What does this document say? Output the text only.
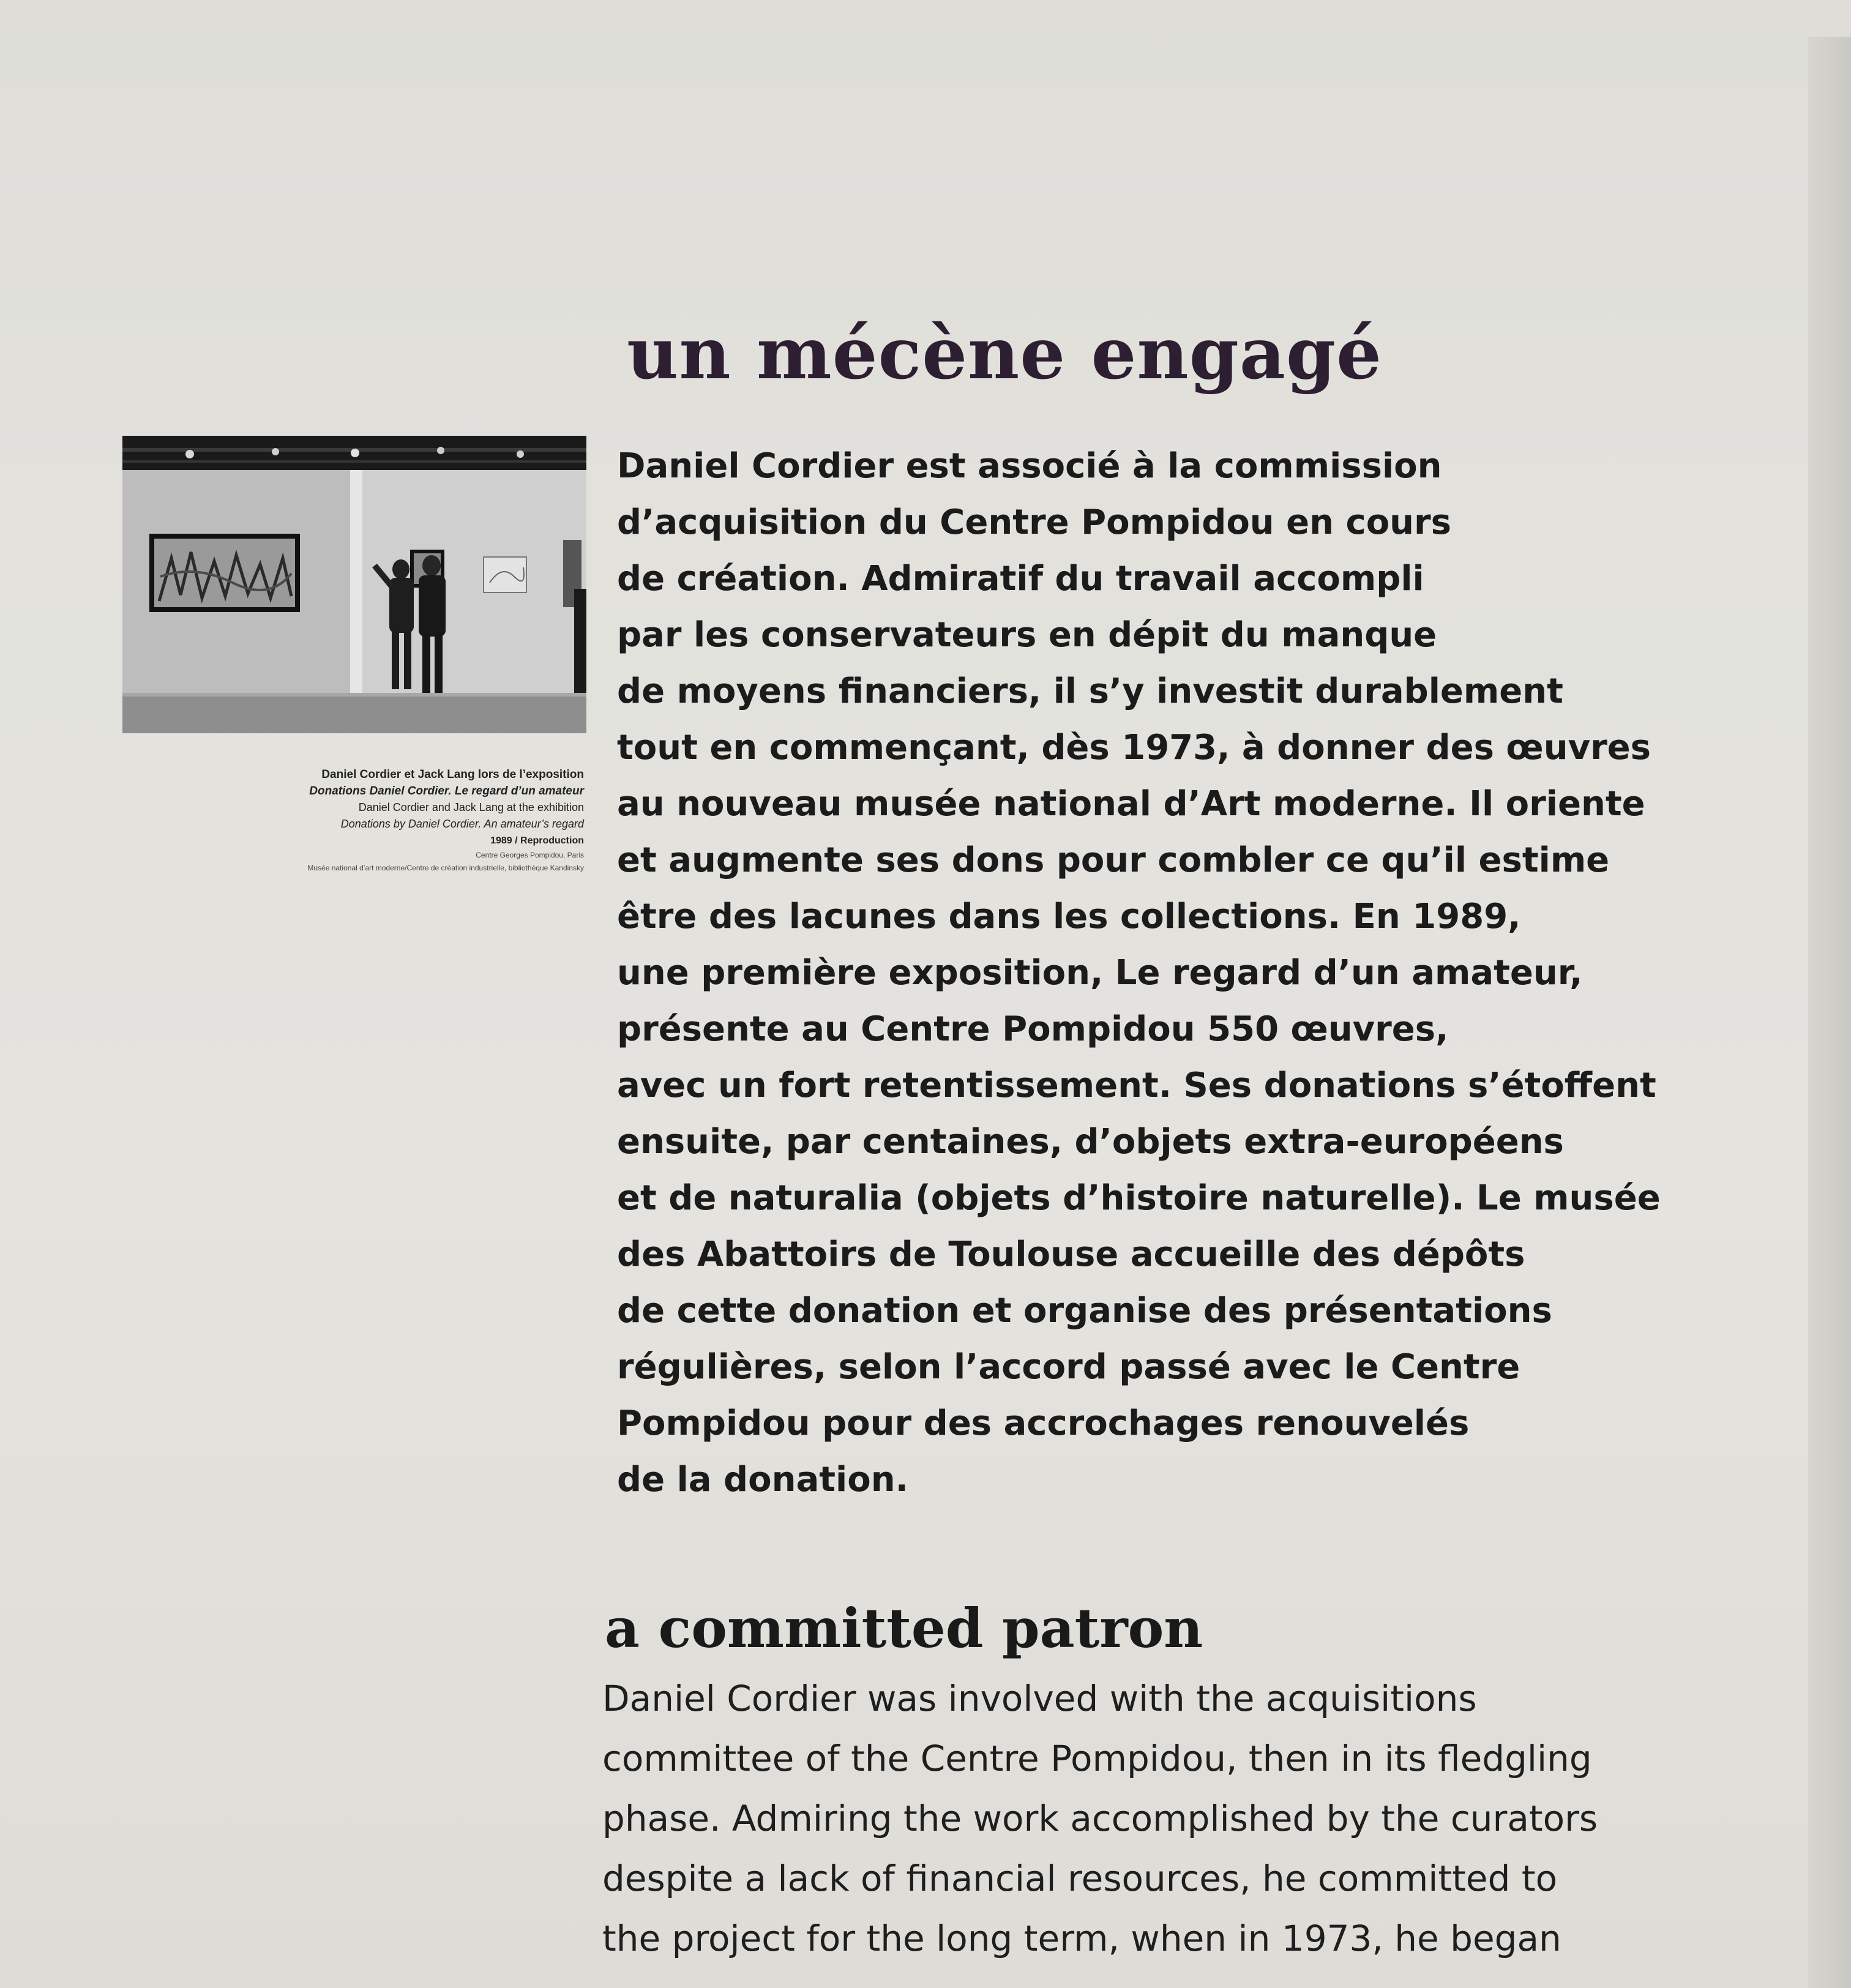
Daniel Cordier et Jack Lang lors de l’exposition
Donations Daniel Cordier. Le regard d’un amateur
Daniel Cordier and Jack Lang at the exhibition
Donations by Daniel Cordier. An amateur’s regard
1989 / Reproduction
Centre Georges Pompidou, Paris
Musée national d’art moderne/Centre de création industrielle, bibliothèque Kandinsky
un mécène engagé
Daniel Cordier est associé à la commission
d’acquisition du Centre Pompidou en cours
de création. Admiratif du travail accompli
par les conservateurs en dépit du manque
de moyens financiers, il s’y investit durablement
tout en commençant, dès 1973, à donner des œuvres
au nouveau musée national d’Art moderne. Il oriente
et augmente ses dons pour combler ce qu’il estime
être des lacunes dans les collections. En 1989,
une première exposition, Le regard d’un amateur,
présente au Centre Pompidou 550 œuvres,
avec un fort retentissement. Ses donations s’étoffent
ensuite, par centaines, d’objets extra-européens
et de naturalia (objets d’histoire naturelle). Le musée
des Abattoirs de Toulouse accueille des dépôts
de cette donation et organise des présentations
régulières, selon l’accord passé avec le Centre
Pompidou pour des accrochages renouvelés
de la donation.
a committed patron
Daniel Cordier was involved with the acquisitions
committee of the Centre Pompidou, then in its fledgling
phase. Admiring the work accomplished by the curators
despite a lack of financial resources, he committed to
the project for the long term, when in 1973, he began
